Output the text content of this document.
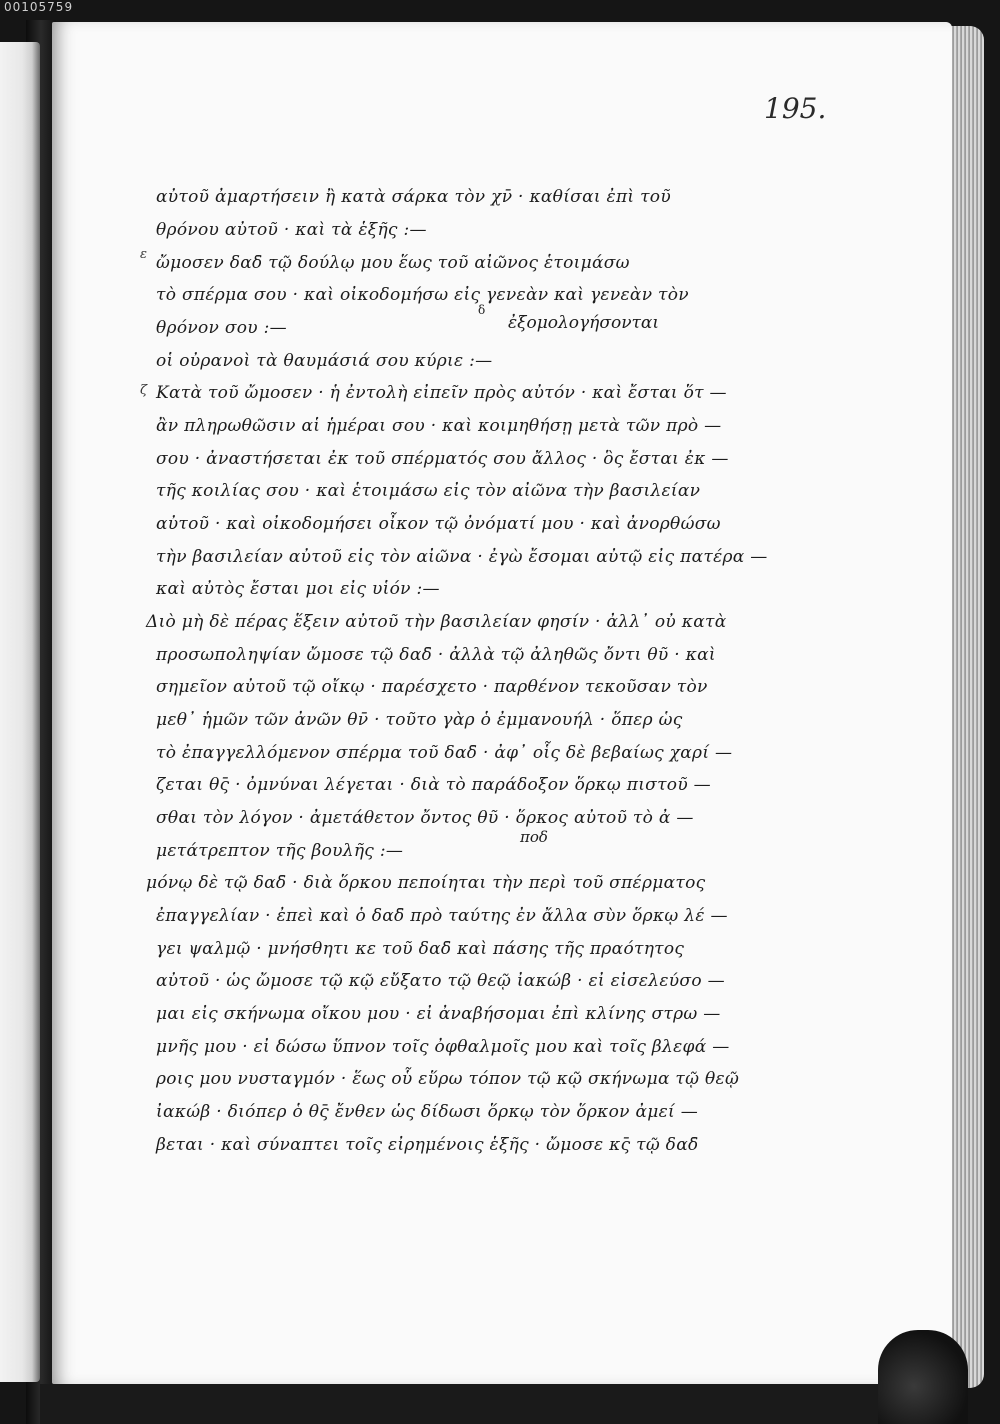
00105759
195.
ε
ζ
δ
ἐξομολογήσονται
ποδ
αὐτοῦ ἀμαρτήσειν ἢ κατὰ σάρκα τὸν χν̄ · καθίσαι ἐπὶ τοῦ
θρόνου αὐτοῦ · καὶ τὰ ἑξῆς :—
ὤμοσεν δαδ̄ τῷ δούλῳ μου ἕως τοῦ αἰῶνος ἑτοιμάσω
τὸ σπέρμα σου · καὶ οἰκοδομήσω εἰς γενεὰν καὶ γενεὰν τὸν
θρόνον σου :—
οἱ οὐρανοὶ τὰ θαυμάσιά σου κύριε :—
Κατὰ τοῦ ὤμοσεν · ἡ ἐντολὴ εἰπεῖν πρὸς αὐτόν · καὶ ἔσται ὅτ —
ἂν πληρωθῶσιν αἱ ἡμέραι σου · καὶ κοιμηθήσῃ μετὰ τῶν πρὸ —
σου · ἀναστήσεται ἐκ τοῦ σπέρματός σου ἄλλος · ὃς ἔσται ἐκ —
τῆς κοιλίας σου · καὶ ἑτοιμάσω εἰς τὸν αἰῶνα τὴν βασιλείαν
αὐτοῦ · καὶ οἰκοδομήσει οἶκον τῷ ὀνόματί μου · καὶ ἀνορθώσω
τὴν βασιλείαν αὐτοῦ εἰς τὸν αἰῶνα · ἐγὼ ἔσομαι αὐτῷ εἰς πατέρα —
καὶ αὐτὸς ἔσται μοι εἰς υἱόν :—
Διὸ μὴ δὲ πέρας ἕξειν αὐτοῦ τὴν βασιλείαν φησίν · ἀλλ᾽ οὐ κατὰ
προσωποληψίαν ὤμοσε τῷ δαδ̄ · ἀλλὰ τῷ ἀληθῶς ὄντι θῦ · καὶ
σημεῖον αὐτοῦ τῷ οἴκῳ · παρέσχετο · παρθένον τεκοῦσαν τὸν
μεθ᾽ ἡμῶν τῶν ἀνῶν θν̄ · τοῦτο γὰρ ὁ ἐμμανουήλ · ὅπερ ὡς
τὸ ἐπαγγελλόμενον σπέρμα τοῦ δαδ̄ · ἀφ᾽ οἷς δὲ βεβαίως χαρί —
ζεται θς̄ · ὀμνύναι λέγεται · διὰ τὸ παράδοξον ὅρκῳ πιστοῦ —
σθαι τὸν λόγον · ἀμετάθετον ὄντος θῦ · ὅρκος αὐτοῦ τὸ ἀ —
μετάτρεπτον τῆς βουλῆς :—
μόνῳ δὲ τῷ δαδ̄ · διὰ ὅρκου πεποίηται τὴν περὶ τοῦ σπέρματος
ἐπαγγελίαν · ἐπεὶ καὶ ὁ δαδ̄ πρὸ ταύτης ἐν ἄλλα σὺν ὅρκῳ λέ —
γει ψαλμῷ · μνήσθητι κε τοῦ δαδ̄ καὶ πάσης τῆς πραότητος
αὐτοῦ · ὡς ὤμοσε τῷ κῷ εὔξατο τῷ θεῷ ἰακώβ · εἰ εἰσελεύσο —
μαι εἰς σκήνωμα οἴκου μου · εἰ ἀναβήσομαι ἐπὶ κλίνης στρω —
μνῆς μου · εἰ δώσω ὕπνον τοῖς ὀφθαλμοῖς μου καὶ τοῖς βλεφά —
ροις μου νυσταγμόν · ἕως οὗ εὕρω τόπον τῷ κῷ σκήνωμα τῷ θεῷ
ἰακώβ · διόπερ ὁ θς̄ ἔνθεν ὡς δίδωσι ὅρκῳ τὸν ὅρκον ἀμεί —
βεται · καὶ σύναπτει τοῖς εἰρημένοις ἑξῆς · ὤμοσε κς̄ τῷ δαδ̄
